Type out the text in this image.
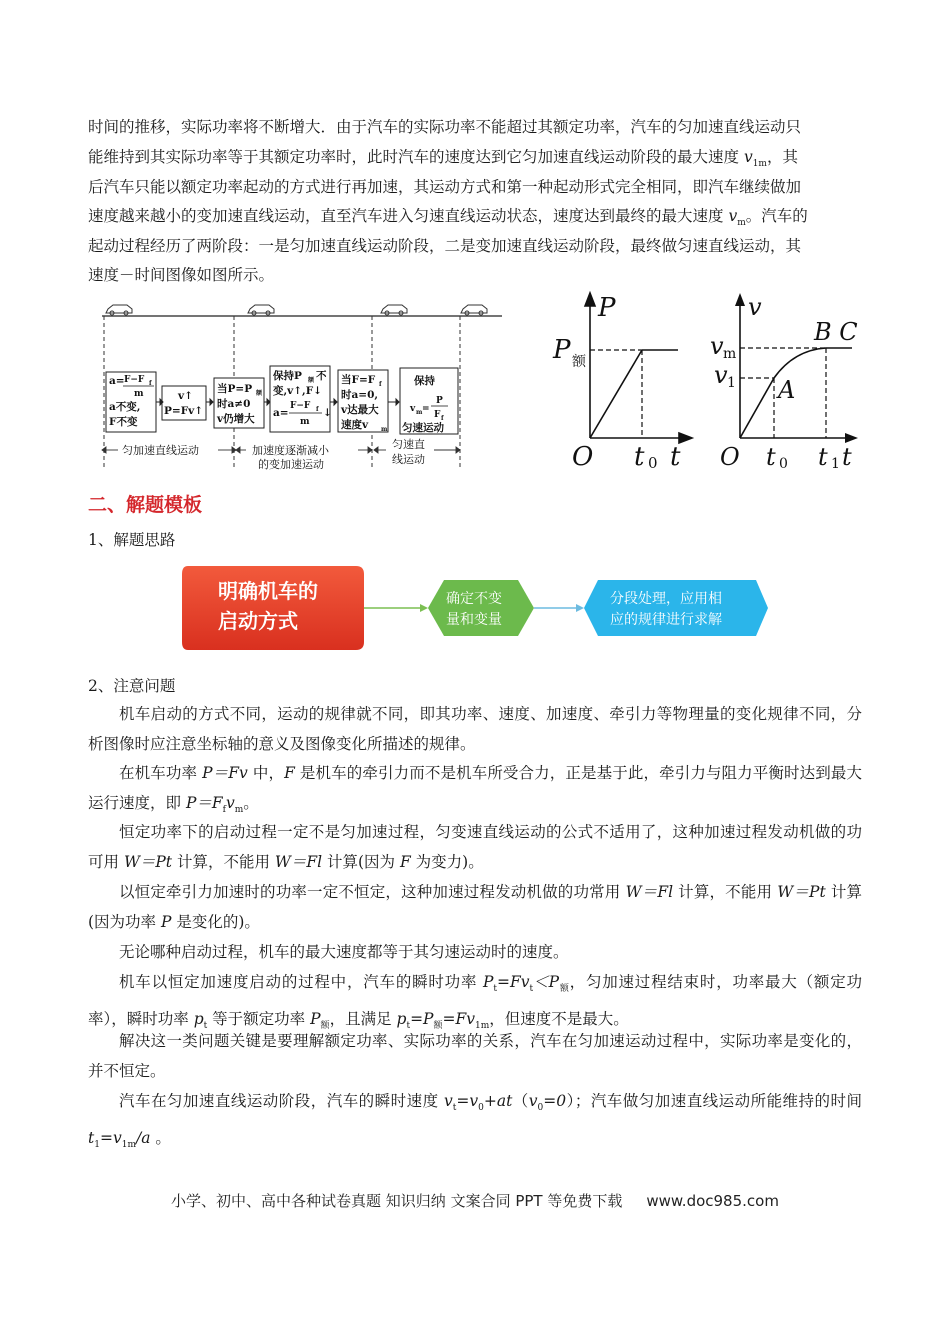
时间的推移，实际功率将不断增大．由于汽车的实际功率不能超过其额定功率，汽车的匀加速直线运动只
能维持到其实际功率等于其额定功率时，此时汽车的速度达到它匀加速直线运动阶段的最大速度 $v_{1m}$，其
后汽车只能以额定功率起动的方式进行再加速，其运动方式和第一种起动形式完全相同，即汽车继续做加
速度越来越小的变加速直线运动，直至汽车进入匀速直线运动状态，速度达到最终的最大速度 $v_m$。汽车的
起动过程经历了两阶段：一是匀加速直线运动阶段，二是变加速直线运动阶段，最终做匀速直线运动，其
速度－时间图像如图所示。
a= F−F f
m
a不变,
F不变
v↑
P=Fv↑
当P=P 额
时a≠0
v仍增大
保持P 额 不
变,v↑,F↓
a=
F−F f
m
↓
当F=F f
时a=0,
v达最大
速度v m
保持
v m =
P
F f
匀速运动
匀加速直线运动	加速度逐渐减小
的变加速运动
匀速直
线运动
P
P
O t t
额
0
v
v
v
A
B C
O t t t
m
1
0	1
二、解题模板
1、解题思路
明确机车的
启动方式
确定不变
量和变量
分段处理，应用相
应的规律进行求解
2、注意问题
机车启动的方式不同，运动的规律就不同，即其功率、速度、加速度、牵引力等物理量的变化规律不同，分析图像时应注意坐标轴的意义及图像变化所描述的规律。
在机车功率 P＝Fv 中，F 是机车的牵引力而不是机车所受合力，正是基于此，牵引力与阻力平衡时达到最大运行速度，即 $P=F_fv_m$。
恒定功率下的启动过程一定不是匀加速过程，匀变速直线运动的公式不适用了，这种加速过程发动机做的功可用 W＝Pt 计算，不能用 W＝Fl 计算(因为 F 为变力)。
以恒定牵引力加速时的功率一定不恒定，这种加速过程发动机做的功常用 W＝Fl 计算，不能用 W＝Pt 计算(因为功率 P 是变化的)。
无论哪种启动过程，机车的最大速度都等于其匀速运动时的速度。
机车以恒定加速度启动的过程中，汽车的瞬时功率 $P_t=Fv_t<P_额$，匀加速过程结束时，功率最大（额定功率），瞬时功率 $p_t$ 等于额定功率 $P_额$，且满足 $p_t=P_额=Fv_{1m}$，但速度不是最大。
解决这一类问题关键是要理解额定功率、实际功率的关系，汽车在匀加速运动过程中，实际功率是变化的，并不恒定。
汽车在匀加速直线运动阶段，汽车的瞬时速度 $v_t=v_0+at(v_0=0)$；汽车做匀加速直线运动所能维持的时间 $t_1=v_{1m}/a$ 。
小学、初中、高中各种试卷真题 知识归纳 文案合同 PPT 等免费下载 www.doc985.com
